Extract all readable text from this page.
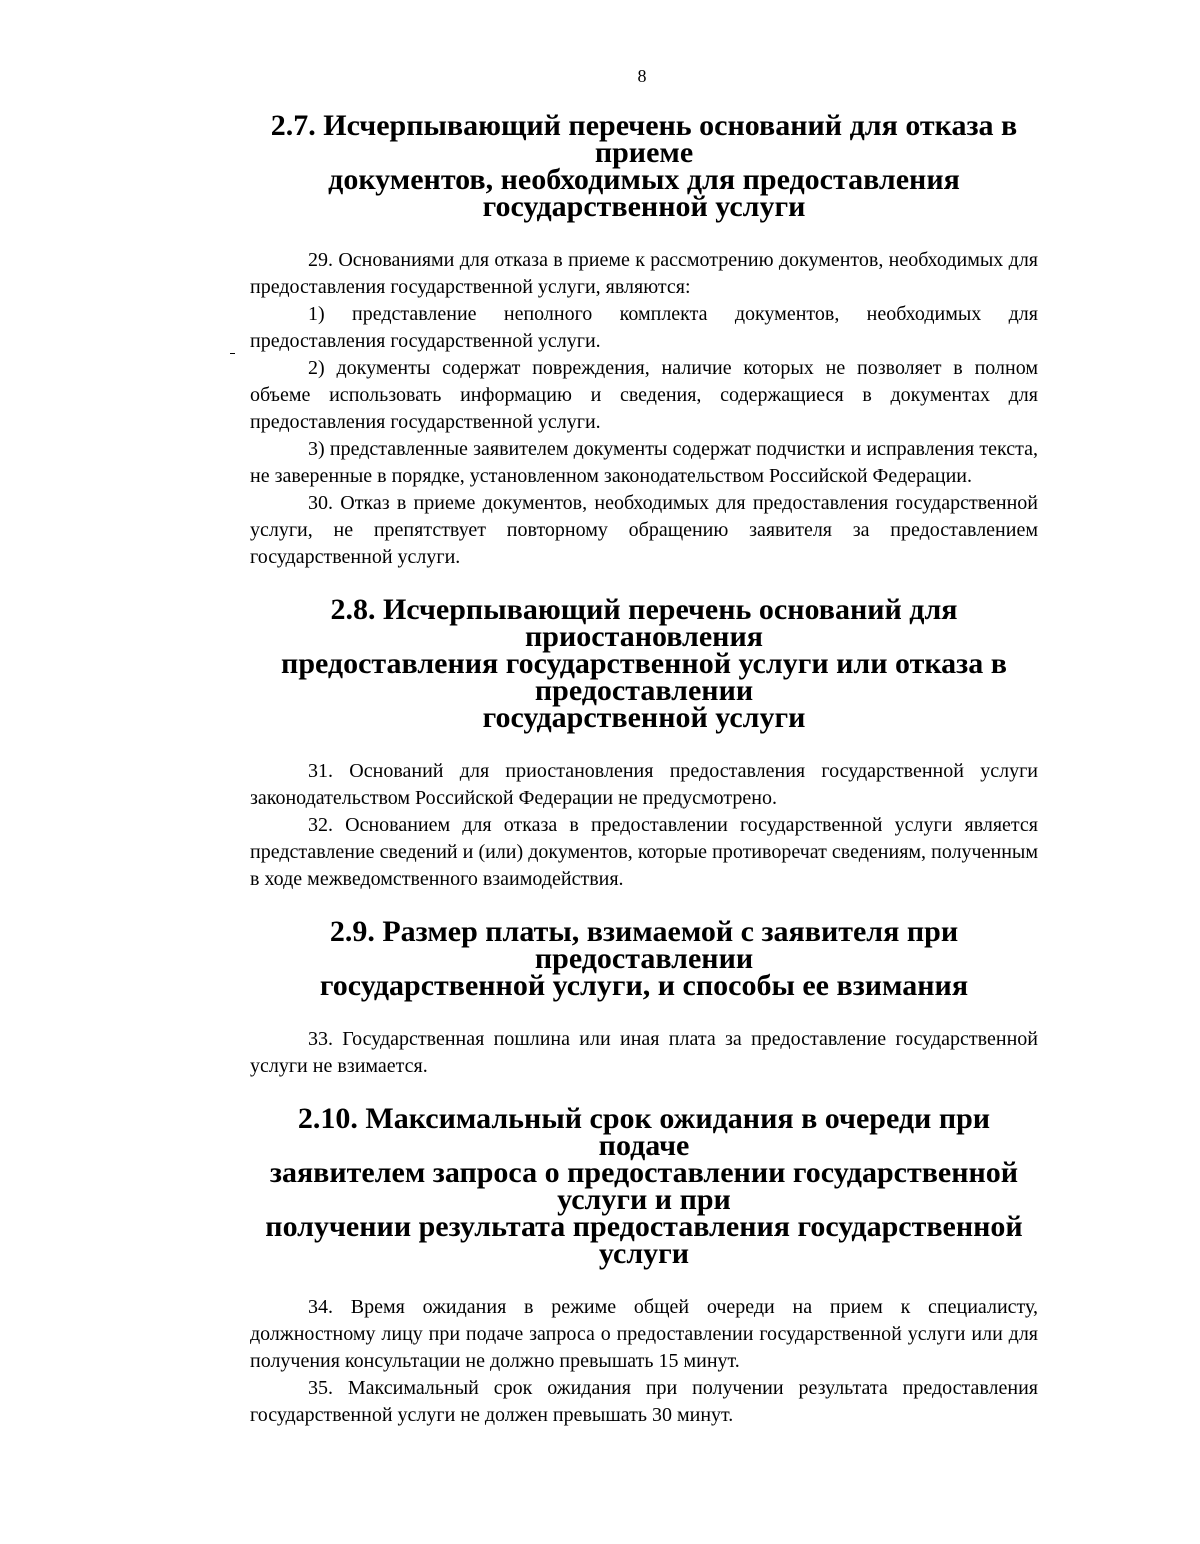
8
2.7. Исчерпывающий перечень оснований для отказа в приеме
документов, необходимых для предоставления
государственной услуги

29. Основаниями для отказа в приеме к рассмотрению документов, необходимых для предоставления государственной услуги, являются:

1) представление неполного комплекта документов, необходимых для предоставления государственной услуги.

2) документы содержат повреждения, наличие которых не позволяет в полном объеме использовать информацию и сведения, содержащиеся в документах для предоставления государственной услуги.

3) представленные заявителем документы содержат подчистки и исправления текста, не заверенные в порядке, установленном законодательством Российской Федерации.

30. Отказ в приеме документов, необходимых для предоставления государственной услуги, не препятствует повторному обращению заявителя за предоставлением государственной услуги.

2.8. Исчерпывающий перечень оснований для приостановления
предоставления государственной услуги или отказа в предоставлении
государственной услуги

31. Оснований для приостановления предоставления государственной услуги законодательством Российской Федерации не предусмотрено.

32. Основанием для отказа в предоставлении государственной услуги является представление сведений и (или) документов, которые противоречат сведениям, полученным в ходе межведомственного взаимодействия.

2.9. Размер платы, взимаемой с заявителя при предоставлении
государственной услуги, и способы ее взимания

33. Государственная пошлина или иная плата за предоставление государственной услуги не взимается.

2.10. Максимальный срок ожидания в очереди при подаче
заявителем запроса о предоставлении государственной услуги и при
получении результата предоставления государственной услуги

34. Время ожидания в режиме общей очереди на прием к специалисту, должностному лицу при подаче запроса о предоставлении государственной услуги или для получения консультации не должно превышать 15 минут.

35. Максимальный срок ожидания при получении результата предоставления государственной услуги не должен превышать 30 минут.
